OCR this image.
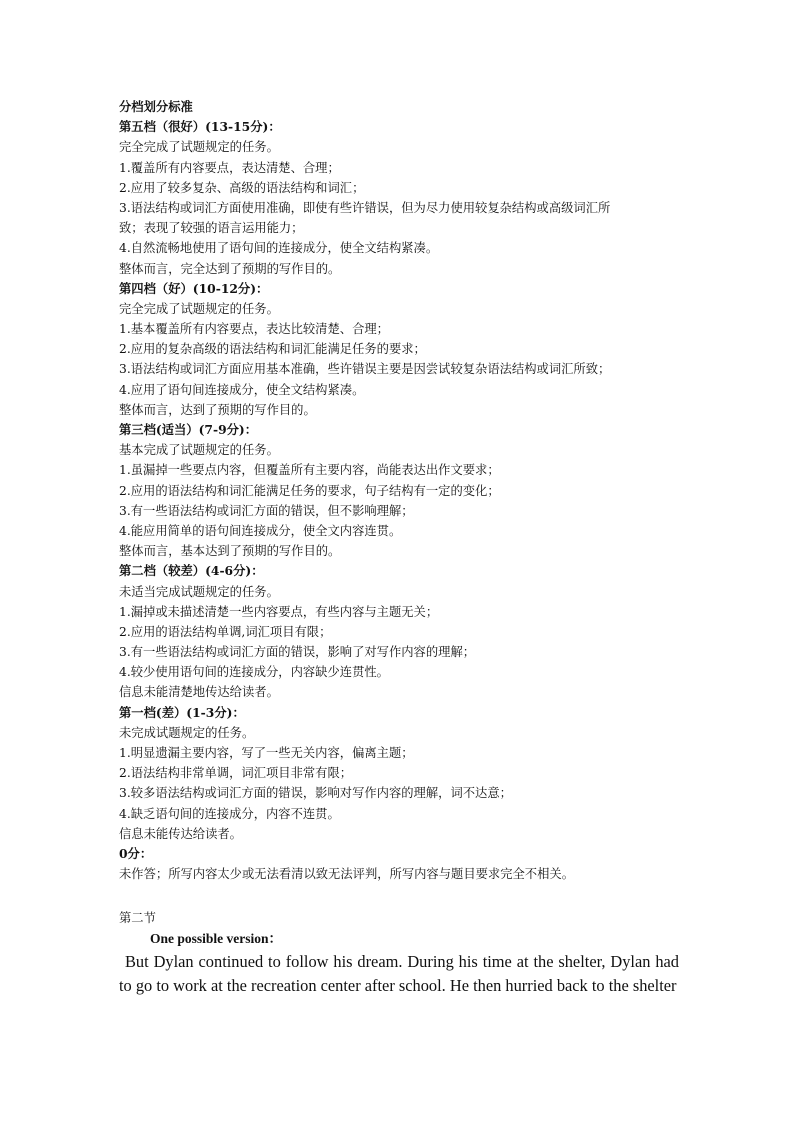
分档划分标准
第五档（很好）(13-15分)：
完全完成了试题规定的任务。
1.覆盖所有内容要点，表达清楚、合理；
2.应用了较多复杂、高级的语法结构和词汇；
3.语法结构或词汇方面使用准确，即使有些许错误，但为尽力使用较复杂结构或高级词汇所
致；表现了较强的语言运用能力；
4.自然流畅地使用了语句间的连接成分，使全文结构紧凑。
整体而言，完全达到了预期的写作目的。
第四档（好）(10-12分)：
完全完成了试题规定的任务。
1.基本覆盖所有内容要点，表达比较清楚、合理；
2.应用的复杂高级的语法结构和词汇能满足任务的要求；
3.语法结构或词汇方面应用基本准确，些许错误主要是因尝试较复杂语法结构或词汇所致；
4.应用了语句间连接成分，使全文结构紧凑。
整体而言，达到了预期的写作目的。
第三档(适当）(7-9分)：
基本完成了试题规定的任务。
1.虽漏掉一些要点内容，但覆盖所有主要内容，尚能表达出作文要求；
2.应用的语法结构和词汇能满足任务的要求，句子结构有一定的变化；
3.有一些语法结构或词汇方面的错误，但不影响理解；
4.能应用简单的语句间连接成分，使全文内容连贯。
整体而言，基本达到了预期的写作目的。
第二档（较差）(4-6分)：
未适当完成试题规定的任务。
1.漏掉或未描述清楚一些内容要点，有些内容与主题无关；
2.应用的语法结构单调,词汇项目有限；
3.有一些语法结构或词汇方面的错误，影响了对写作内容的理解；
4.较少使用语句间的连接成分，内容缺少连贯性。
信息未能清楚地传达给读者。
第一档(差）(1-3分)：
未完成试题规定的任务。
1.明显遗漏主要内容，写了一些无关内容，偏离主题；
2.语法结构非常单调，词汇项目非常有限；
3.较多语法结构或词汇方面的错误，影响对写作内容的理解，词不达意；
4.缺乏语句间的连接成分，内容不连贯。
信息未能传达给读者。
0分：
未作答；所写内容太少或无法看清以致无法评判，所写内容与题目要求完全不相关。
第二节
One possible version：

But Dylan continued to follow his dream. During his time at the shelter, Dylan had to go to work at the recreation center after school. He then hurried back to the shelter
